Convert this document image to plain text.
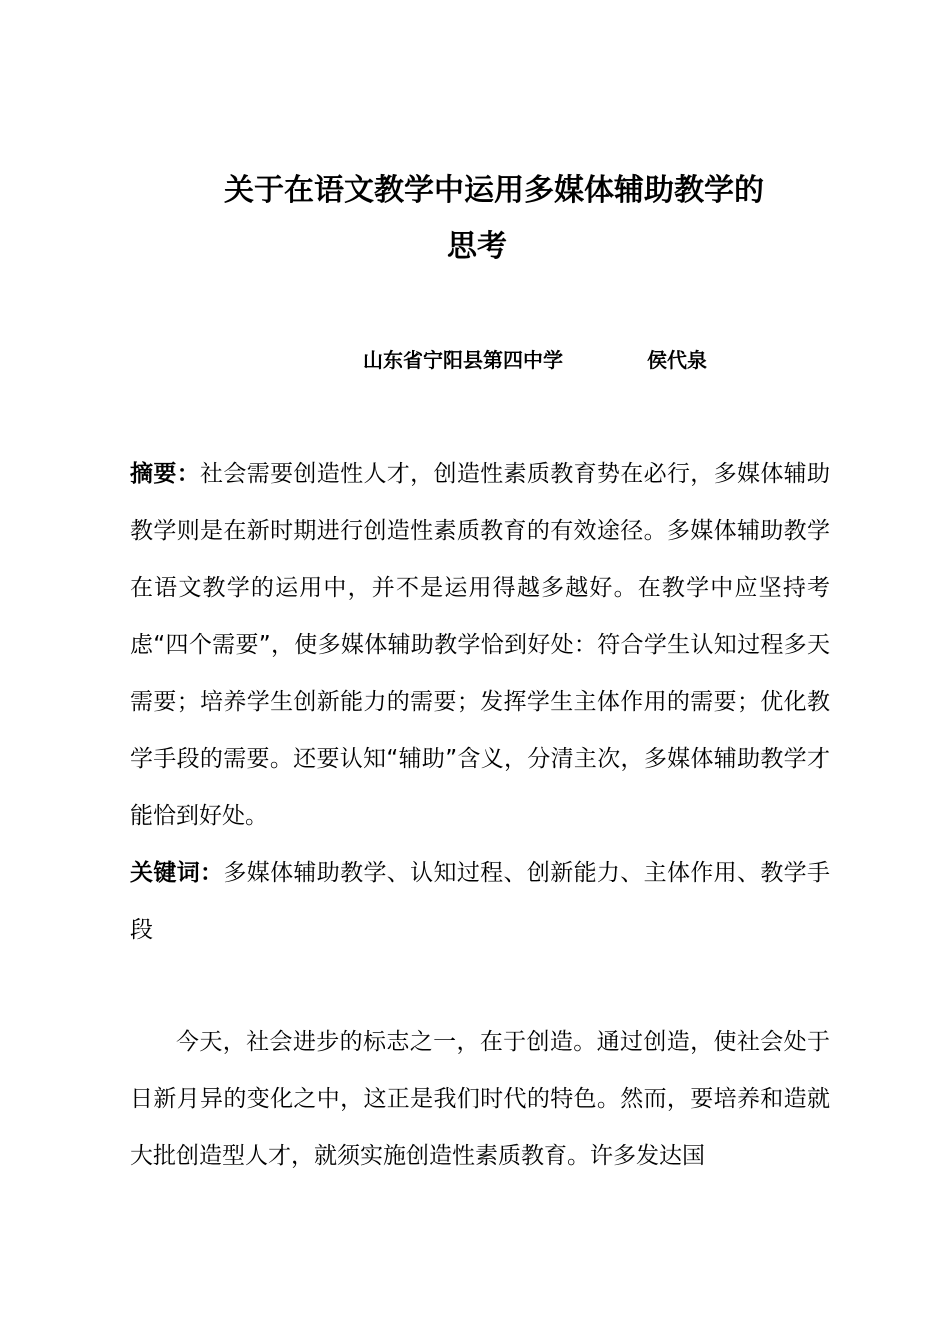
关于在语文教学中运用多媒体辅助教学的
思考
山东省宁阳县第四中学	侯代泉
摘要：社会需要创造性人才，创造性素质教育势在必行，多媒体辅助教学则是在新时期进行创造性素质教育的有效途径。多媒体辅助教学在语文教学的运用中，并不是运用得越多越好。在教学中应坚持考虑“四个需要”，使多媒体辅助教学恰到好处：符合学生认知过程多天需要；培养学生创新能力的需要；发挥学生主体作用的需要；优化教学手段的需要。还要认知“辅助”含义，分清主次，多媒体辅助教学才能恰到好处。
关键词：多媒体辅助教学、认知过程、创新能力、主体作用、教学手段
今天，社会进步的标志之一，在于创造。通过创造，使社会处于日新月异的变化之中，这正是我们时代的特色。然而，要培养和造就大批创造型人才，就须实施创造性素质教育。许多发达国
